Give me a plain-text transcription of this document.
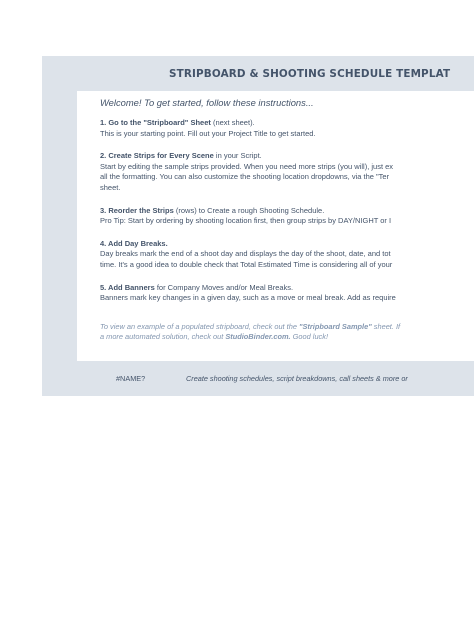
STRIPBOARD & SHOOTING SCHEDULE TEMPLAT

Welcome! To get started, follow these instructions...

1. Go to the "Stripboard" Sheet (next sheet).

This is your starting point. Fill out your Project Title to get started.

2. Create Strips for Every Scene in your Script.

Start by editing the sample strips provided. When you need more strips (you will), just ex

all the formatting. You can also customize the shooting location dropdowns, via the "Ter

sheet.

3. Reorder the Strips (rows) to Create a rough Shooting Schedule.

Pro Tip: Start by ordering by shooting location first, then group strips by DAY/NIGHT or I

4. Add Day Breaks.

Day breaks mark the end of a shoot day and displays the day of the shoot, date, and tot

time. It's a good idea to double check that Total Estimated Time is considering all of your

5. Add Banners for Company Moves and/or Meal Breaks.

Banners mark key changes in a given day, such as a move or meal break. Add as require

To view an example of a populated stripboard, check out the "Stripboard Sample" sheet. If

a more automated solution, check out StudioBinder.com. Good luck!

#NAME?	Create shooting schedules, script breakdowns, call sheets & more or
